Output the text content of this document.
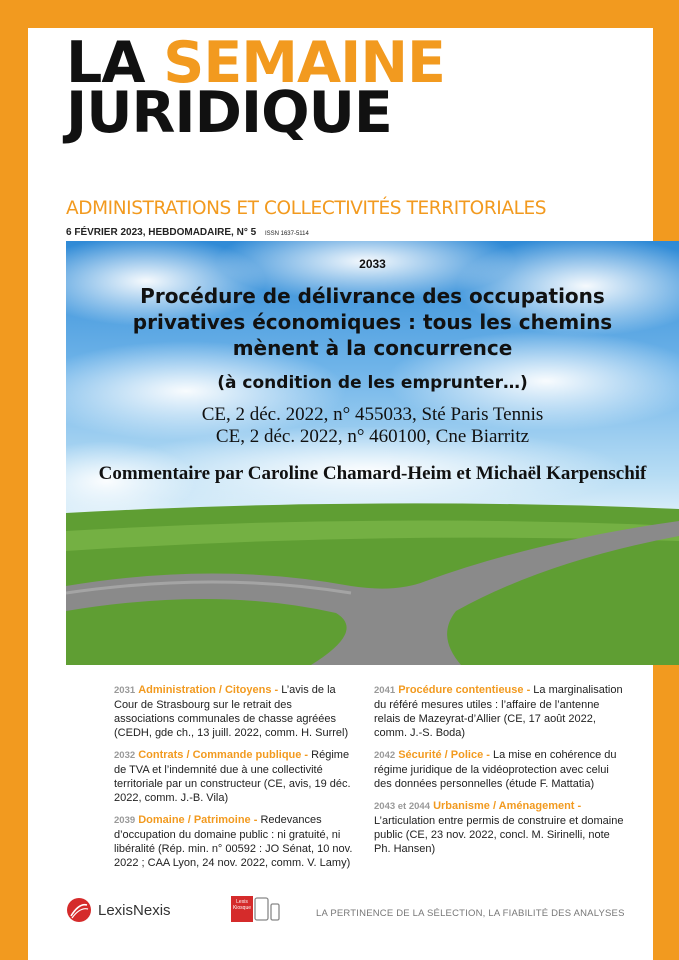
LA SEMAINE
JURIDIQUE
ADMINISTRATIONS ET COLLECTIVITÉS TERRITORIALES
6 FÉVRIER 2023, HEBDOMADAIRE, N° 5 ISSN 1637-5114
2033
Procédure de délivrance des occupations
privatives économiques : tous les chemins
mènent à la concurrence
(à condition de les emprunter…)
CE, 2 déc. 2022, n° 455033, Sté Paris Tennis
CE, 2 déc. 2022, n° 460100, Cne Biarritz
Commentaire par Caroline Chamard-Heim et Michaël Karpenschif
2031 Administration / Citoyens - L’avis de la Cour de Strasbourg sur le retrait des associations communales de chasse agréées (CEDH, gde ch., 13 juill. 2022, comm. H. Surrel)
2032 Contrats / Commande publique - Régime de TVA et l’indemnité due à une collectivité territoriale par un constructeur (CE, avis, 19 déc. 2022, comm. J.-B. Vila)
2039 Domaine / Patrimoine - Redevances d’occupation du domaine public : ni gratuité, ni libéralité (Rép. min. n° 00592 : JO Sénat, 10 nov. 2022 ; CAA Lyon, 24 nov. 2022, comm. V. Lamy)
2041 Procédure contentieuse - La marginalisation du référé mesures utiles : l’affaire de l’antenne relais de Mazeyrat-d’Allier (CE, 17 août 2022, comm. J.-S. Boda)
2042 Sécurité / Police - La mise en cohérence du régime juridique de la vidéoprotection avec celui des données personnelles (étude F. Mattatia)
2043 et 2044 Urbanisme / Aménagement - L’articulation entre permis de construire et domaine public (CE, 23 nov. 2022, concl. M. Sirinelli, note Ph. Hansen)
LexisNexis	Lexis Kiosque	LA PERTINENCE DE LA SÉLECTION, LA FIABILITÉ DES ANALYSES
